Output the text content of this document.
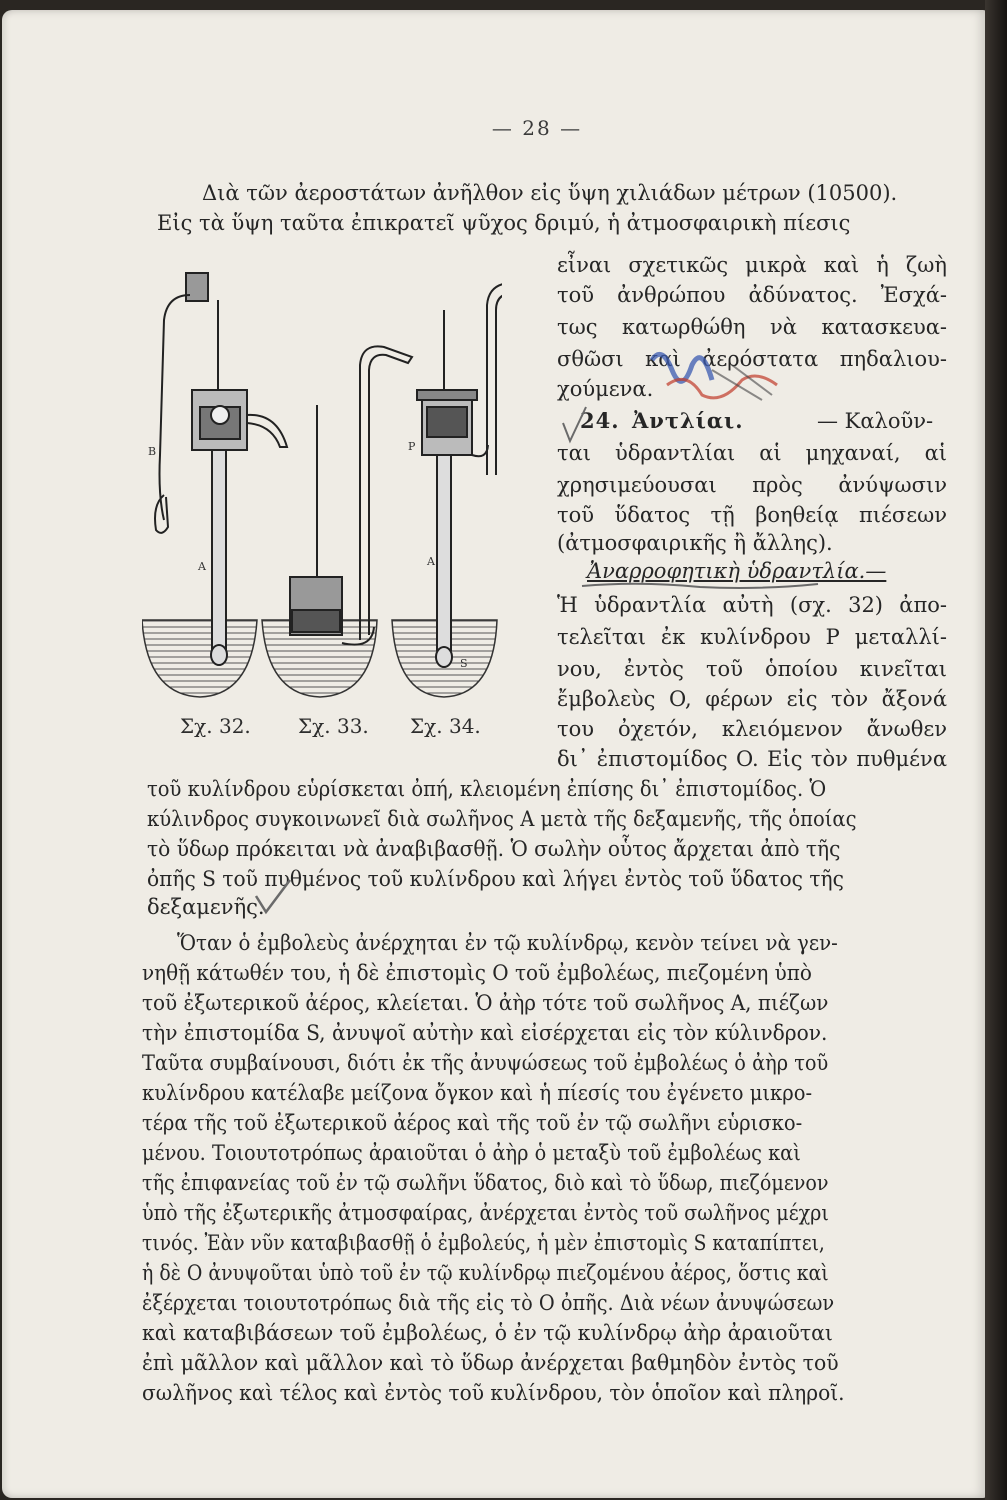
— 28 —
Διὰ τῶν ἀεροστάτων ἀνῆλθον εἰς ὕψη χιλιάδων μέτρων (10500).
Εἰς τὰ ὕψη ταῦτα ἐπικρατεῖ ψῦχος δριμύ, ἡ ἀτμοσφαιρικὴ πίεσις
εἶναι σχετικῶς μικρὰ καὶ ἡ ζωὴ
τοῦ ἀνθρώπου ἀδύνατος. Ἐσχά-
τως κατωρθώθη νὰ κατασκευα-
σθῶσι καὶ ἀερόστατα πηδαλιου-
χούμενα.
24. Ἀντλίαι.	— Καλοῦν-
ται ὑδραντλίαι αἱ μηχαναί, αἱ
χρησιμεύουσαι πρὸς ἀνύψωσιν
τοῦ ὕδατος τῇ βοηθείᾳ πιέσεων
(ἀτμοσφαιρικῆς ἢ ἄλλης).
Ἀναρροφητικὴ ὑδραντλία.—
Ἡ ὑδραντλία αὐτὴ (σχ. 32) ἀπο-
τελεῖται ἐκ κυλίνδρου P μεταλλί-
νου, ἐντὸς τοῦ ὁποίου κινεῖται
ἔμβολεὺς O, φέρων εἰς τὸν ἄξονά
του ὀχετόν, κλειόμενον ἄνωθεν
δι᾿ ἐπιστομίδος O. Εἰς τὸν πυθμένα
τοῦ κυλίνδρου εὑρίσκεται ὀπή, κλειομένη ἐπίσης δι᾿ ἐπιστομίδος. Ὁ
κύλινδρος συγκοινωνεῖ διὰ σωλῆνος A μετὰ τῆς δεξαμενῆς, τῆς ὁποίας
τὸ ὕδωρ πρόκειται νὰ ἀναβιβασθῇ. Ὁ σωλὴν οὗτος ἄρχεται ἀπὸ τῆς
ὀπῆς S τοῦ πυθμένος τοῦ κυλίνδρου καὶ λήγει ἐντὸς τοῦ ὕδατος τῆς
δεξαμενῆς.
Ὅταν ὁ ἐμβολεὺς ἀνέρχηται ἐν τῷ κυλίνδρῳ, κενὸν τείνει νὰ γεν-
νηθῇ κάτωθέν του, ἡ δὲ ἐπιστομὶς O τοῦ ἐμβολέως, πιεζομένη ὑπὸ
τοῦ ἐξωτερικοῦ ἀέρος, κλείεται. Ὁ ἀὴρ τότε τοῦ σωλῆνος A, πιέζων
τὴν ἐπιστομίδα S, ἀνυψοῖ αὐτὴν καὶ εἰσέρχεται εἰς τὸν κύλινδρον.
Ταῦτα συμβαίνουσι, διότι ἐκ τῆς ἀνυψώσεως τοῦ ἐμβολέως ὁ ἀὴρ τοῦ
κυλίνδρου κατέλαβε μείζονα ὄγκον καὶ ἡ πίεσίς του ἐγένετο μικρο-
τέρα τῆς τοῦ ἐξωτερικοῦ ἀέρος καὶ τῆς τοῦ ἐν τῷ σωλῆνι εὑρισκο-
μένου. Τοιουτοτρόπως ἀραιοῦται ὁ ἀὴρ ὁ μεταξὺ τοῦ ἐμβολέως καὶ
τῆς ἐπιφανείας τοῦ ἐν τῷ σωλῆνι ὕδατος, διὸ καὶ τὸ ὕδωρ, πιεζόμενον
ὑπὸ τῆς ἐξωτερικῆς ἀτμοσφαίρας, ἀνέρχεται ἐντὸς τοῦ σωλῆνος μέχρι
τινός. Ἐὰν νῦν καταβιβασθῇ ὁ ἐμβολεύς, ἡ μὲν ἐπιστομὶς S καταπίπτει,
ἡ δὲ O ἀνυψοῦται ὑπὸ τοῦ ἐν τῷ κυλίνδρῳ πιεζομένου ἀέρος, ὅστις καὶ
ἐξέρχεται τοιουτοτρόπως διὰ τῆς εἰς τὸ O ὀπῆς. Διὰ νέων ἀνυψώσεων
καὶ καταβιβάσεων τοῦ ἐμβολέως, ὁ ἐν τῷ κυλίνδρῳ ἀὴρ ἀραιοῦται
ἐπὶ μᾶλλον καὶ μᾶλλον καὶ τὸ ὕδωρ ἀνέρχεται βαθμηδὸν ἐντὸς τοῦ
σωλῆνος καὶ τέλος καὶ ἐντὸς τοῦ κυλίνδρου, τὸν ὁποῖον καὶ πληροῖ.
Σχ. 32. Σχ. 33. Σχ. 34.
B
A
P
A
S
